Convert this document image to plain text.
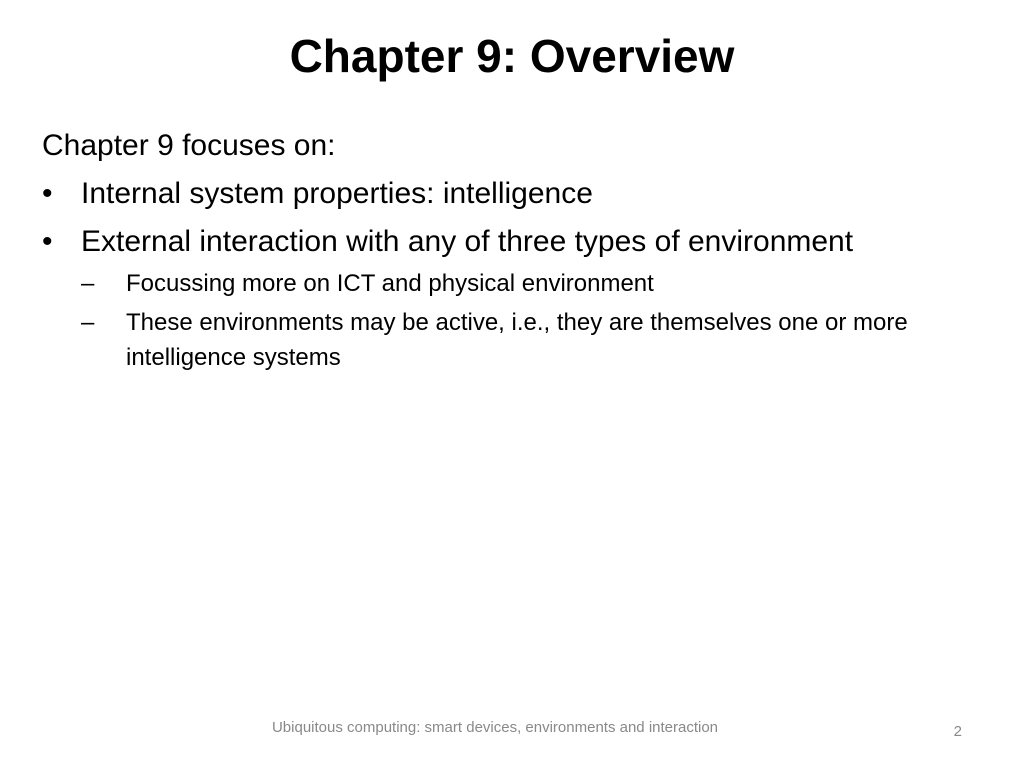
Chapter 9: Overview

Chapter 9 focuses on:

• Internal system properties: intelligence
• External interaction with any of three types of environment
– Focussing more on ICT and physical environment
– These environments may be active, i.e., they are themselves one or more intelligence systems
Ubiquitous computing: smart devices, environments and interaction	2
